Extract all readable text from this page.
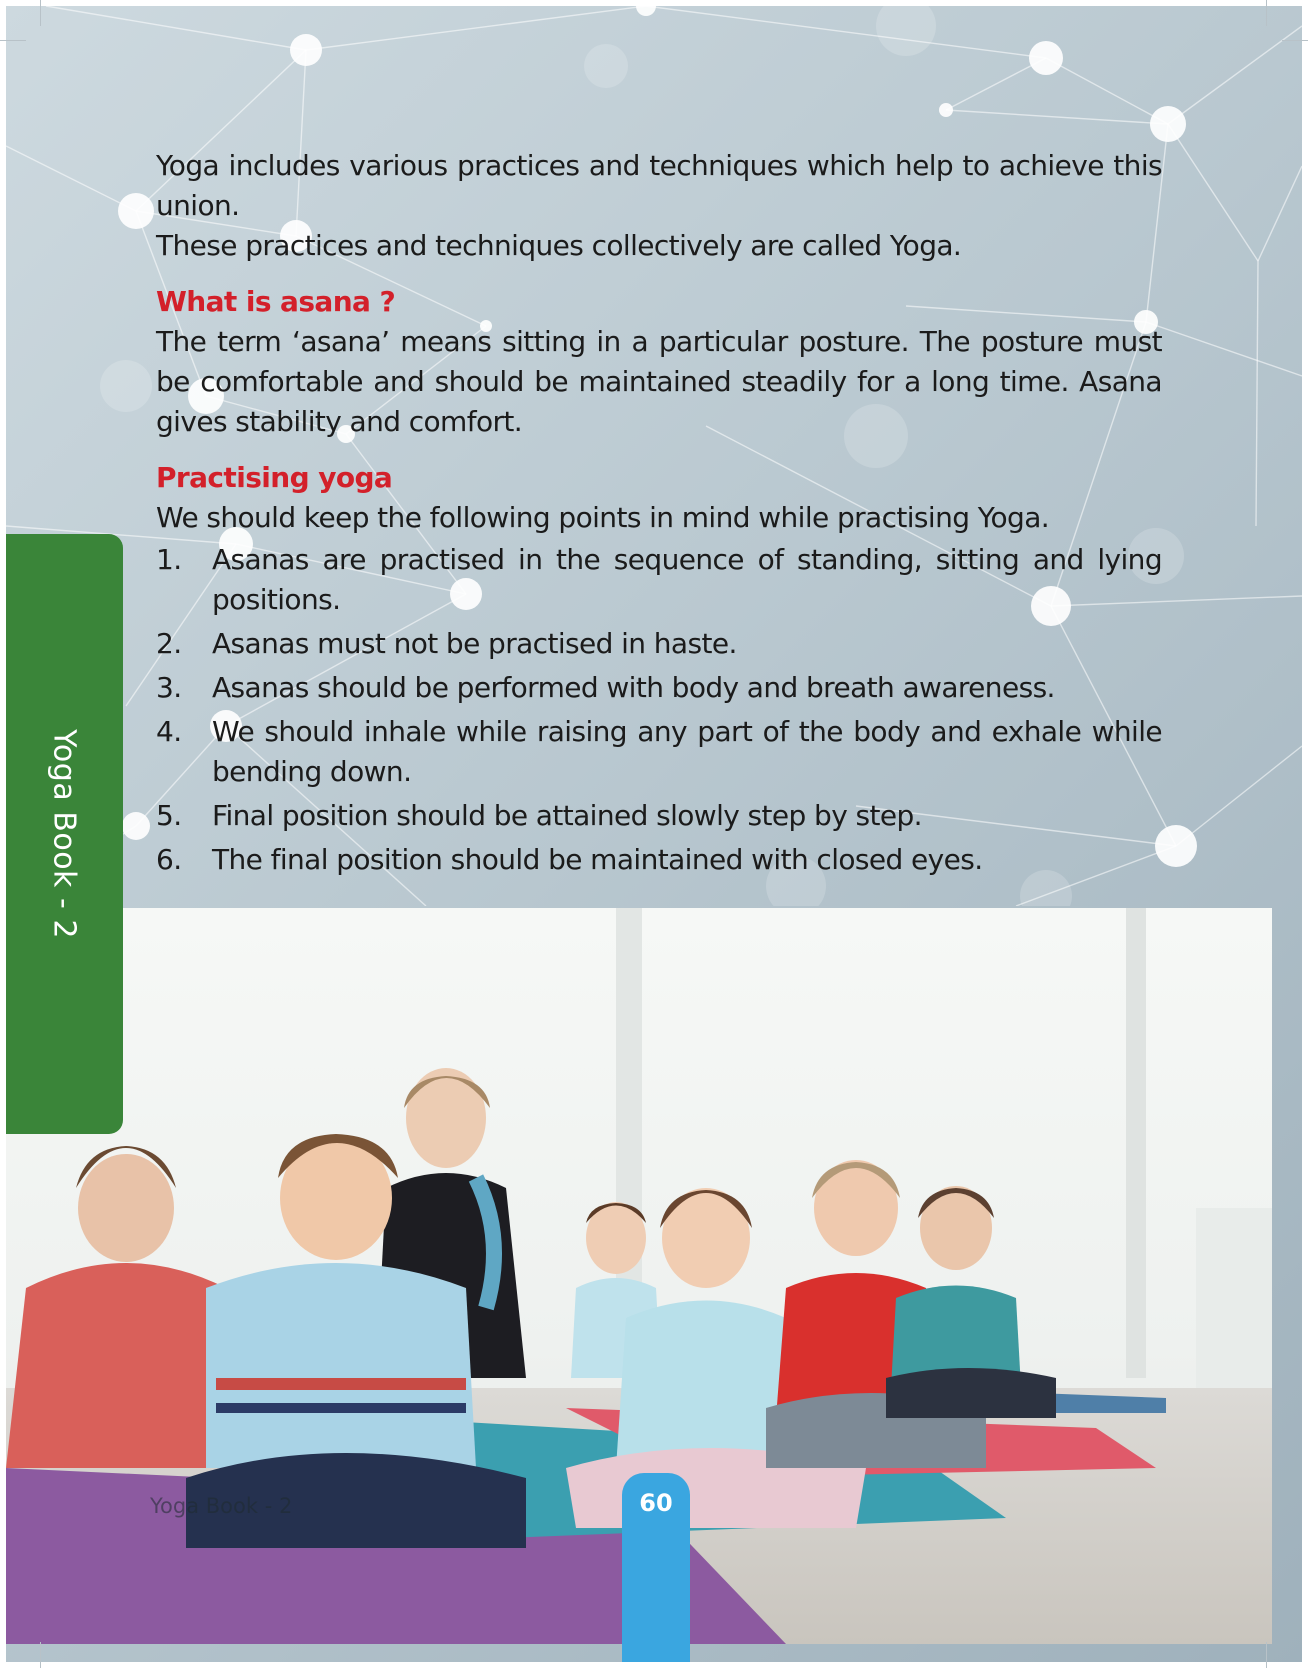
Yoga includes various practices and techniques which help to achieve this union.
These practices and techniques collectively are called Yoga.

What is asana ?

The term ‘asana’ means sitting in a particular posture. The posture must be comfortable and should be maintained steadily for a long time. Asana gives stability and comfort.

Practising yoga

We should keep the following points in mind while practising Yoga.

1. Asanas are practised in the sequence of standing, sitting and lying positions.
2. Asanas must not be practised in haste.
3. Asanas should be performed with body and breath awareness.
4. We should inhale while raising any part of the body and exhale while bending down.
5. Final position should be attained slowly step by step.
6. The final position should be maintained with closed eyes.
Yoga Book - 2
Yoga Book - 2	60
